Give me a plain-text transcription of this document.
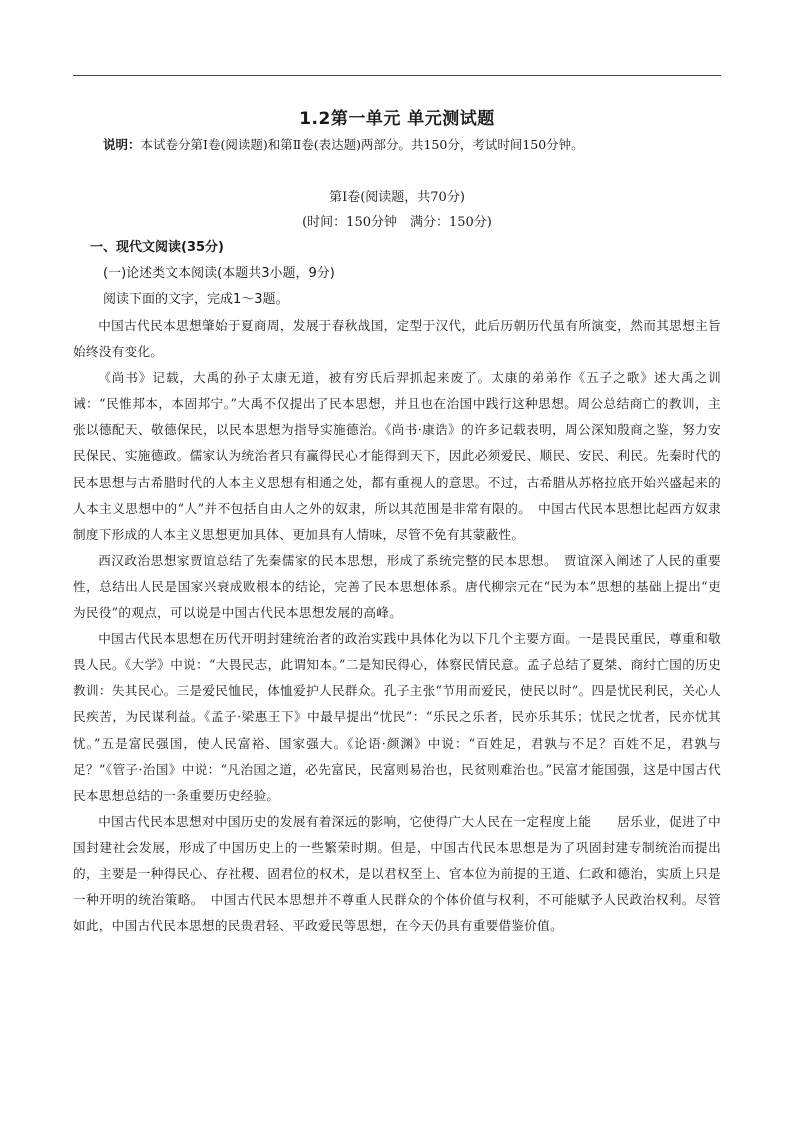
1.2第一单元 单元测试题
说明：本试卷分第Ⅰ卷(阅读题)和第Ⅱ卷(表达题)两部分。共150分，考试时间150分钟。
第Ⅰ卷(阅读题，共70分)
(时间：150分钟　满分：150分)
一、现代文阅读(35分)
(一)论述类文本阅读(本题共3小题，9分)
阅读下面的文字，完成1～3题。

中国古代民本思想肇始于夏商周，发展于春秋战国，定型于汉代，此后历朝历代虽有所演变，然而其思想主旨始终没有变化。

《尚书》记载，大禹的孙子太康无道，被有穷氏后羿抓起来废了。太康的弟弟作《五子之歌》述大禹之训诫：“民惟邦本，本固邦宁。”大禹不仅提出了民本思想，并且也在治国中践行这种思想。周公总结商亡的教训，主张以德配天、敬德保民，以民本思想为指导实施德治。《尚书·康诰》的许多记载表明，周公深知殷商之鉴，努力安民保民、实施德政。儒家认为统治者只有赢得民心才能得到天下，因此必须爱民、顺民、安民、利民。先秦时代的民本思想与古希腊时代的人本主义思想有相通之处，都有重视人的意思。不过，古希腊从苏格拉底开始兴盛起来的人本主义思想中的“人”并不包括自由人之外的奴隶，所以其范围是非常有限的。　中国古代民本思想比起西方奴隶制度下形成的人本主义思想更加具体、更加具有人情味，尽管不免有其蒙蔽性。

西汉政治思想家贾谊总结了先秦儒家的民本思想，形成了系统完整的民本思想。　贾谊深入阐述了人民的重要性，总结出人民是国家兴衰成败根本的结论，完善了民本思想体系。唐代柳宗元在“民为本”思想的基础上提出“吏为民役”的观点，可以说是中国古代民本思想发展的高峰。

中国古代民本思想在历代开明封建统治者的政治实践中具体化为以下几个主要方面。一是畏民重民，尊重和敬畏人民。《大学》中说：“大畏民志，此谓知本。”二是知民得心，体察民情民意。孟子总结了夏桀、商纣亡国的历史教训：失其民心。三是爱民恤民，体恤爱护人民群众。孔子主张“节用而爱民，使民以时”。四是忧民利民，关心人民疾苦，为民谋利益。《孟子·梁惠王下》中最早提出“忧民”：“乐民之乐者，民亦乐其乐；忧民之忧者，民亦忧其忧。”五是富民强国，使人民富裕、国家强大。《论语·颜渊》中说：“百姓足，君孰与不足？百姓不足，君孰与足？”《管子·治国》中说：“凡治国之道，必先富民，民富则易治也，民贫则难治也。”民富才能国强，这是中国古代民本思想总结的一条重要历史经验。

中国古代民本思想对中国历史的发展有着深远的影响，它使得广大人民在一定程度上能　　居乐业，促进了中国封建社会发展，形成了中国历史上的一些繁荣时期。但是，中国古代民本思想是为了巩固封建专制统治而提出的，主要是一种得民心、存社稷、固君位的权术，是以君权至上、官本位为前提的王道、仁政和德治，实质上只是一种开明的统治策略。　中国古代民本思想并不尊重人民群众的个体价值与权利，不可能赋予人民政治权利。尽管如此，中国古代民本思想的民贵君轻、平政爱民等思想，在今天仍具有重要借鉴价值。
